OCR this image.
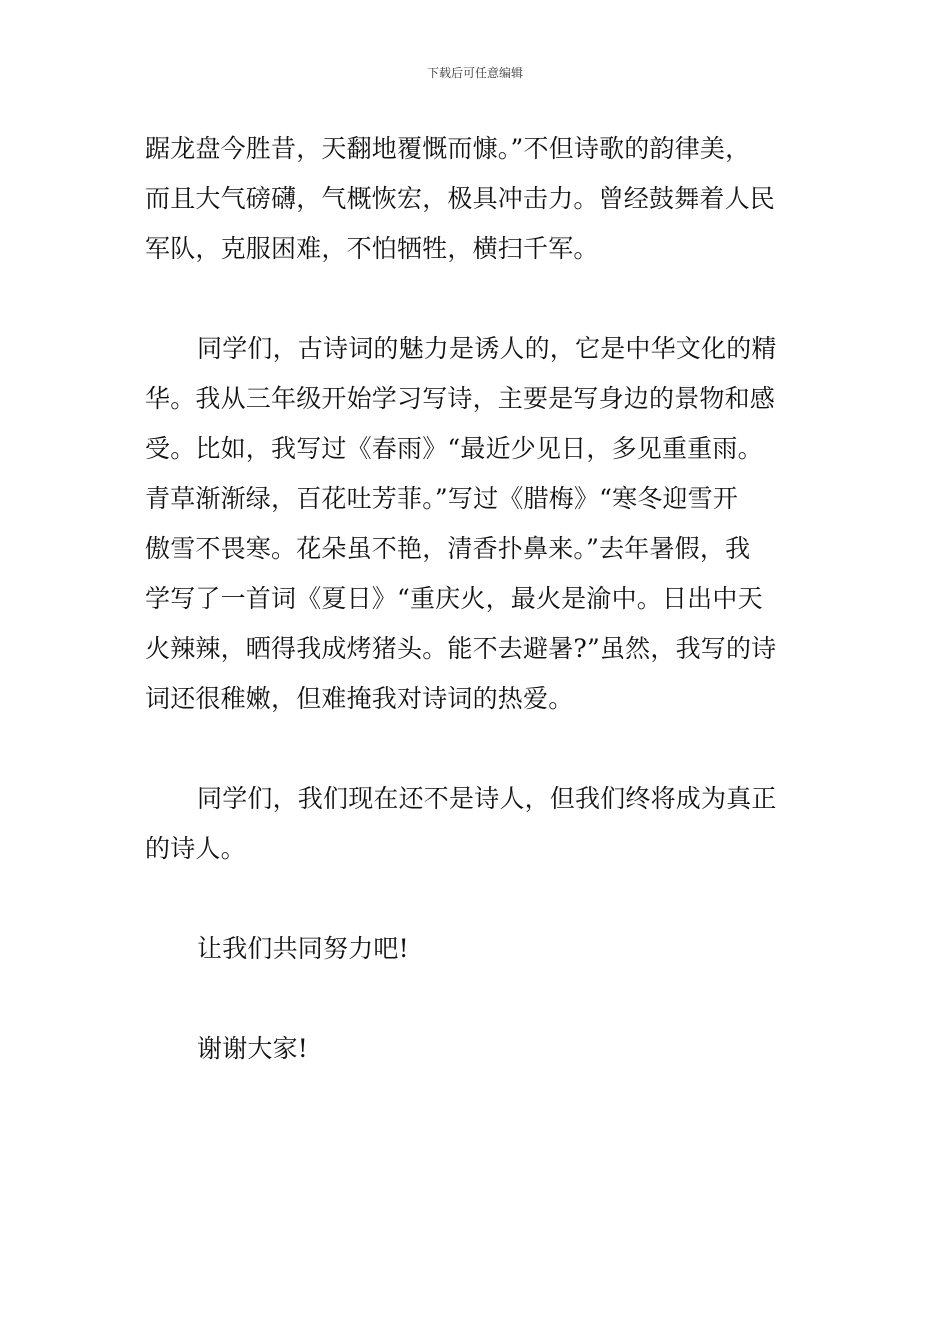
下载后可任意编辑
踞龙盘今胜昔，天翻地覆慨而慷。”不但诗歌的韵律美，
而且大气磅礴，气概恢宏，极具冲击力。曾经鼓舞着人民
军队，克服困难，不怕牺牲，横扫千军。
同学们，古诗词的魅力是诱人的，它是中华文化的精
华。我从三年级开始学习写诗，主要是写身边的景物和感
受。比如，我写过《春雨》“最近少见日，多见重重雨。
青草渐渐绿，百花吐芳菲。”写过《腊梅》“寒冬迎雪开
傲雪不畏寒。花朵虽不艳，清香扑鼻来。”去年暑假，我
学写了一首词《夏日》“重庆火，最火是渝中。日出中天
火辣辣，晒得我成烤猪头。能不去避暑?”虽然，我写的诗
词还很稚嫩，但难掩我对诗词的热爱。
同学们，我们现在还不是诗人，但我们终将成为真正
的诗人。
让我们共同努力吧!
谢谢大家!
